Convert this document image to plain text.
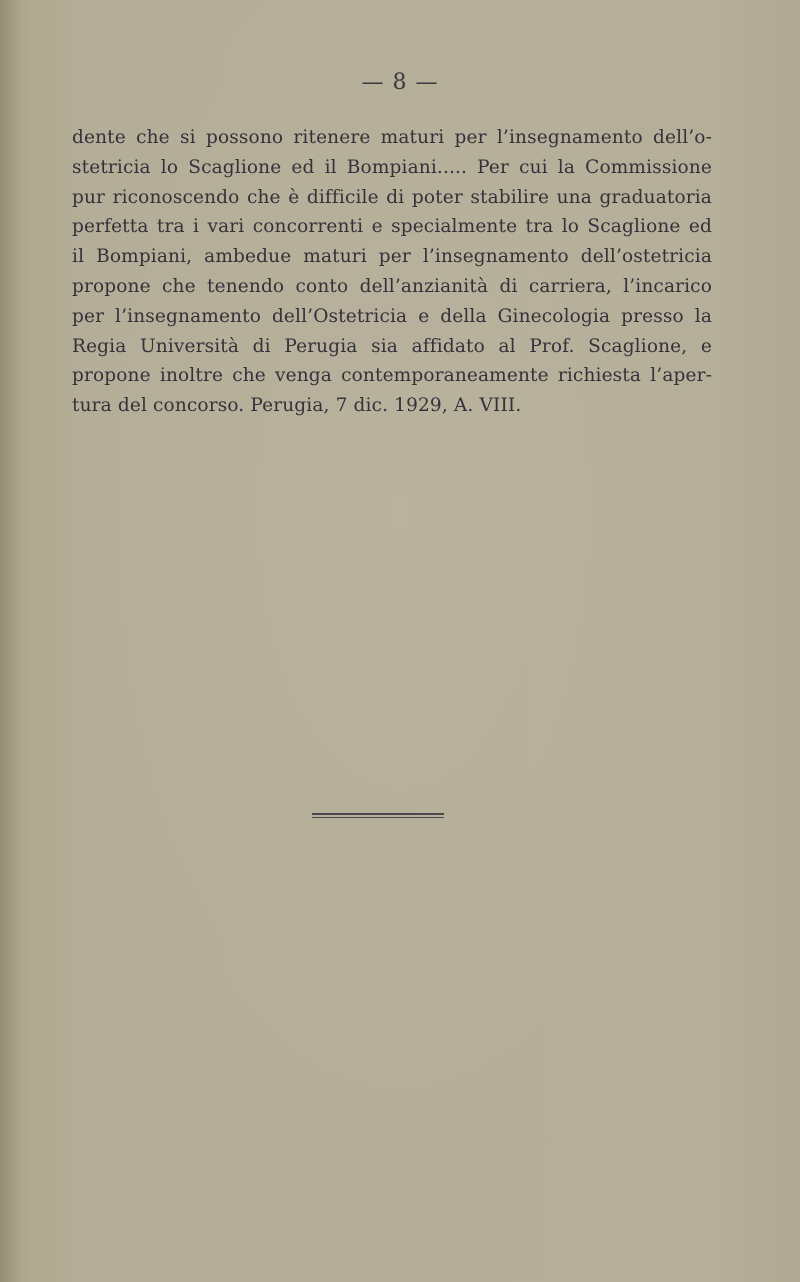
— 8 —
dente che si possono ritenere maturi per l’insegnamento dell’o-
stetricia lo Scaglione ed il Bompiani..... Per cui la Commissione
pur riconoscendo che è difficile di poter stabilire una graduatoria
perfetta tra i vari concorrenti e specialmente tra lo Scaglione ed
il Bompiani, ambedue maturi per l’insegnamento dell’ostetricia
propone che tenendo conto dell’anzianità di carriera, l’incarico
per l’insegnamento dell’Ostetricia e della Ginecologia presso la
Regia Università di Perugia sia affidato al Prof. Scaglione, e
propone inoltre che venga contemporaneamente richiesta l’aper-
tura del concorso. Perugia, 7 dic. 1929, A. VIII.
